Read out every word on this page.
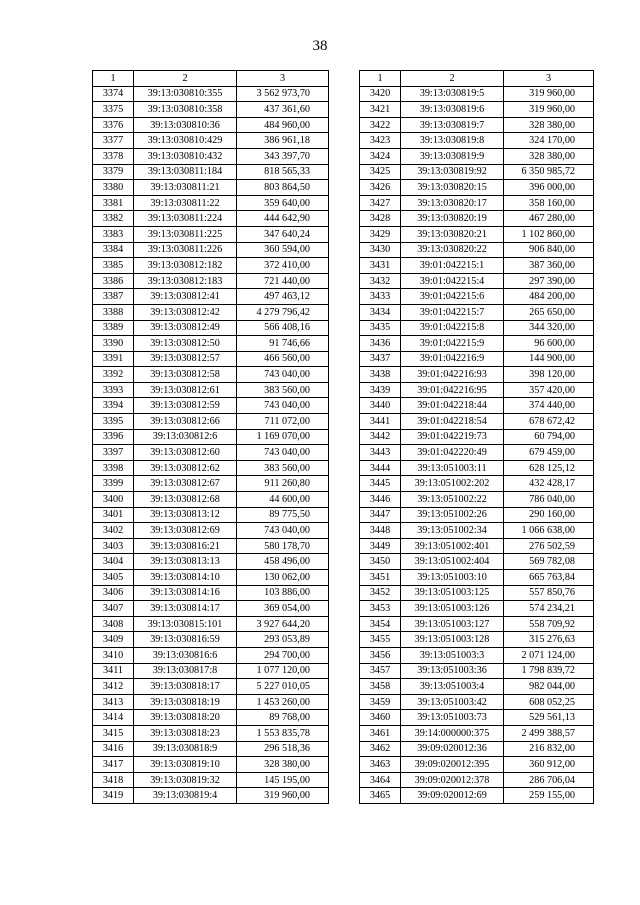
38
1	2	3
3374	39:13:030810:355	3 562 973,70
3375	39:13:030810:358	437 361,60
3376	39:13:030810:36	484 960,00
3377	39:13:030810:429	386 961,18
3378	39:13:030810:432	343 397,70
3379	39:13:030811:184	818 565,33
3380	39:13:030811:21	803 864,50
3381	39:13:030811:22	359 640,00
3382	39:13:030811:224	444 642,90
3383	39:13:030811:225	347 640,24
3384	39:13:030811:226	360 594,00
3385	39:13:030812:182	372 410,00
3386	39:13:030812:183	721 440,00
3387	39:13:030812:41	497 463,12
3388	39:13:030812:42	4 279 796,42
3389	39:13:030812:49	566 408,16
3390	39:13:030812:50	91 746,66
3391	39:13:030812:57	466 560,00
3392	39:13:030812:58	743 040,00
3393	39:13:030812:61	383 560,00
3394	39:13:030812:59	743 040,00
3395	39:13:030812:66	711 072,00
3396	39:13:030812:6	1 169 070,00
3397	39:13:030812:60	743 040,00
3398	39:13:030812:62	383 560,00
3399	39:13:030812:67	911 260,80
3400	39:13:030812:68	44 600,00
3401	39:13:030813:12	89 775,50
3402	39:13:030812:69	743 040,00
3403	39:13:030816:21	580 178,70
3404	39:13:030813:13	458 496,00
3405	39:13:030814:10	130 062,00
3406	39:13:030814:16	103 886,00
3407	39:13:030814:17	369 054,00
3408	39:13:030815:101	3 927 644,20
3409	39:13:030816:59	293 053,89
3410	39:13:030816:6	294 700,00
3411	39:13:030817:8	1 077 120,00
3412	39:13:030818:17	5 227 010,05
3413	39:13:030818:19	1 453 260,00
3414	39:13:030818:20	89 768,00
3415	39:13:030818:23	1 553 835,78
3416	39:13:030818:9	296 518,36
3417	39:13:030819:10	328 380,00
3418	39:13:030819:32	145 195,00
3419	39:13:030819:4	319 960,00
1	2	3
3420	39:13:030819:5	319 960,00
3421	39:13:030819:6	319 960,00
3422	39:13:030819:7	328 380,00
3423	39:13:030819:8	324 170,00
3424	39:13:030819:9	328 380,00
3425	39:13:030819:92	6 350 985,72
3426	39:13:030820:15	396 000,00
3427	39:13:030820:17	358 160,00
3428	39:13:030820:19	467 280,00
3429	39:13:030820:21	1 102 860,00
3430	39:13:030820:22	906 840,00
3431	39:01:042215:1	387 360,00
3432	39:01:042215:4	297 390,00
3433	39:01:042215:6	484 200,00
3434	39:01:042215:7	265 650,00
3435	39:01:042215:8	344 320,00
3436	39:01:042215:9	96 600,00
3437	39:01:042216:9	144 900,00
3438	39:01:042216:93	398 120,00
3439	39:01:042216:95	357 420,00
3440	39:01:042218:44	374 440,00
3441	39:01:042218:54	678 672,42
3442	39:01:042219:73	60 794,00
3443	39:01:042220:49	679 459,00
3444	39:13:051003:11	628 125,12
3445	39:13:051002:202	432 428,17
3446	39:13:051002:22	786 040,00
3447	39:13:051002:26	290 160,00
3448	39:13:051002:34	1 066 638,00
3449	39:13:051002:401	276 502,59
3450	39:13:051002:404	569 782,08
3451	39:13:051003:10	665 763,84
3452	39:13:051003:125	557 850,76
3453	39:13:051003:126	574 234,21
3454	39:13:051003:127	558 709,92
3455	39:13:051003:128	315 276,63
3456	39:13:051003:3	2 071 124,00
3457	39:13:051003:36	1 798 839,72
3458	39:13:051003:4	982 044,00
3459	39:13:051003:42	608 052,25
3460	39:13:051003:73	529 561,13
3461	39:14:000000:375	2 499 388,57
3462	39:09:020012:36	216 832,00
3463	39:09:020012:395	360 912,00
3464	39:09:020012:378	286 706,04
3465	39:09:020012:69	259 155,00
